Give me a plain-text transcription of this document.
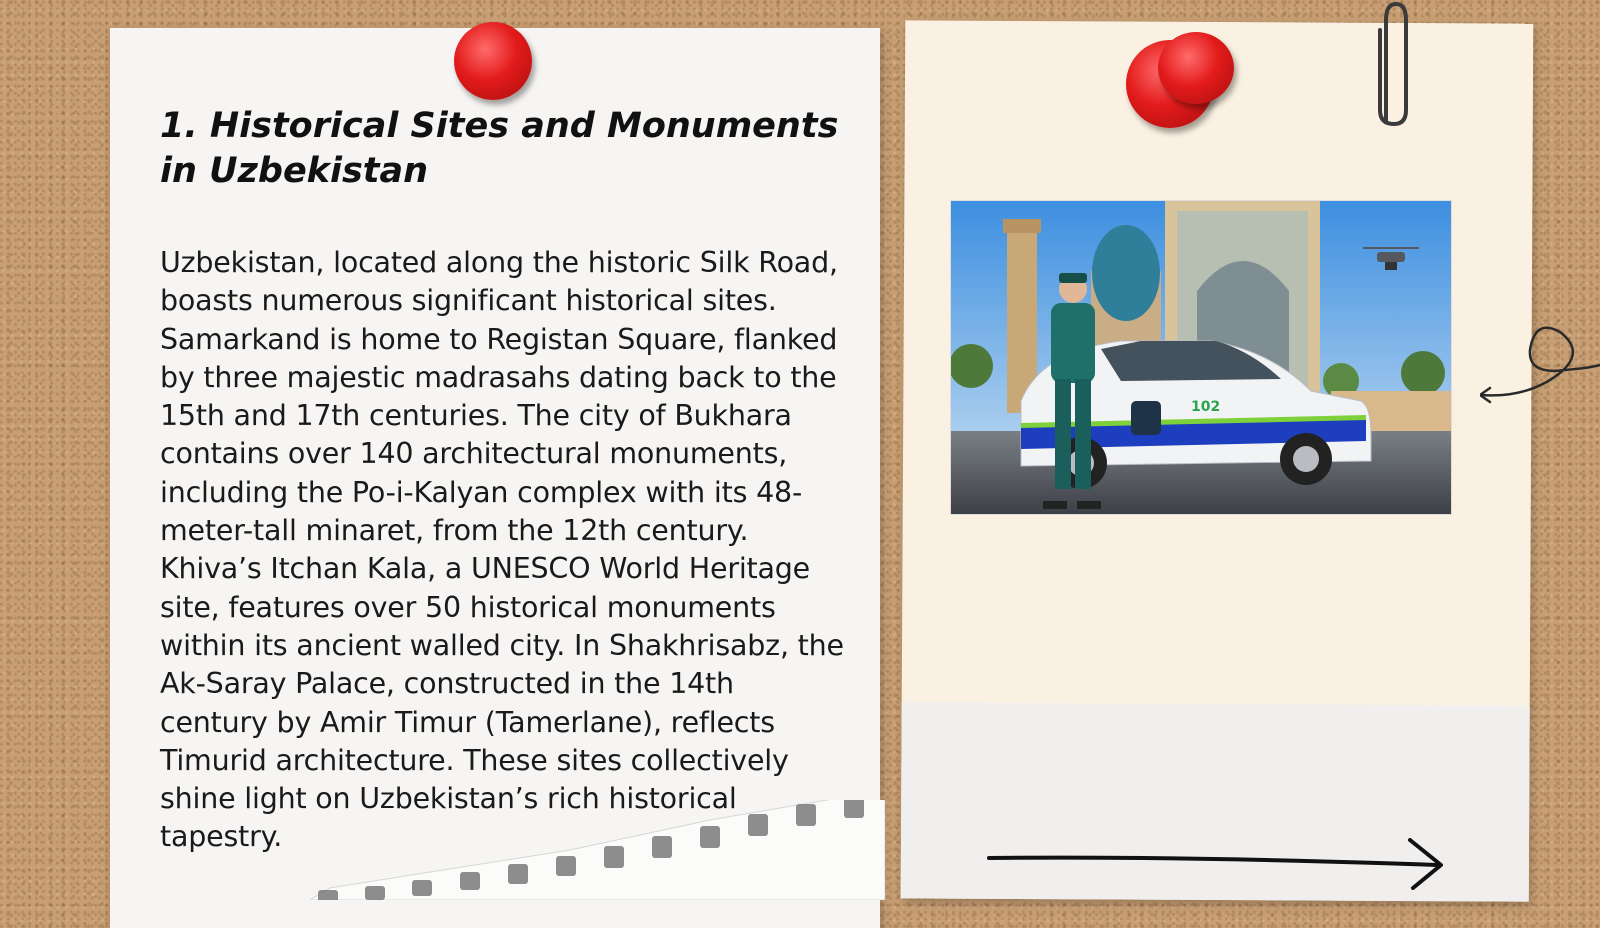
1. Historical Sites and Monuments in Uzbekistan

Uzbekistan, located along the historic Silk Road, boasts numerous significant historical sites. Samarkand is home to Registan Square, flanked by three majestic madrasahs dating back to the 15th and 17th centuries. The city of Bukhara contains over 140 architectural monuments, including the Po-i-Kalyan complex with its 48-meter-tall minaret, from the 12th century. Khiva’s Itchan Kala, a UNESCO World Heritage site, features over 50 historical monuments within its ancient walled city. In Shakhrisabz, the Ak-Saray Palace, constructed in the 14th century by Amir Timur (Tamerlane), reflects Timurid architecture. These sites collectively shine light on Uzbekistan’s rich historical tapestry.

102
